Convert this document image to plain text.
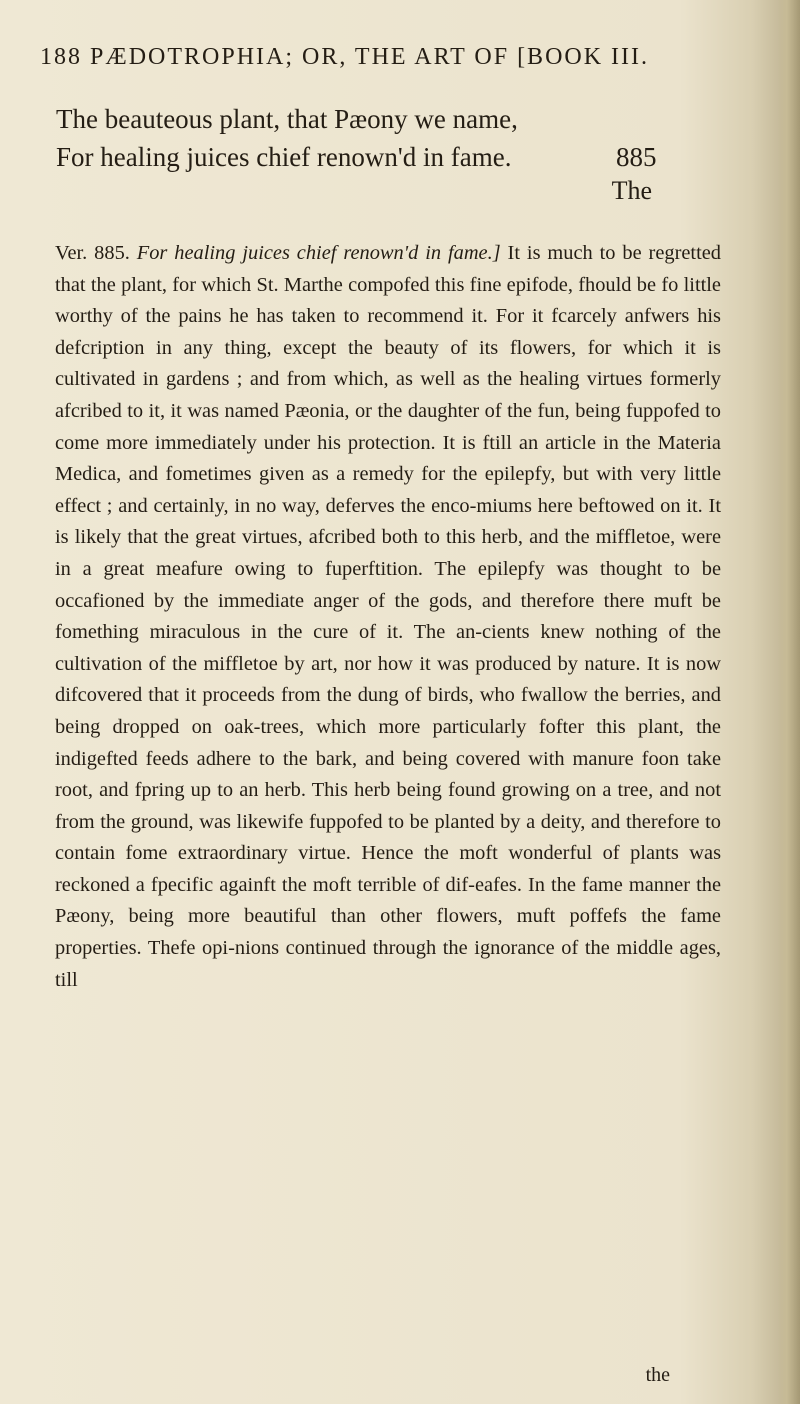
188 PÆDOTROPHIA; OR, THE ART OF [BOOK III.
The beauteous plant, that Pæony we name,
For healing juices chief renown'd in fame.	885
The
Ver. 885. For healing juices chief renown'd in fame.] It is much to be regretted that the plant, for which St. Marthe compofed this fine epifode, fhould be fo little worthy of the pains he has taken to recommend it. For it fcarcely anfwers his defcription in any thing, except the beauty of its flowers, for which it is cultivated in gardens ; and from which, as well as the healing virtues formerly afcribed to it, it was named Pæonia, or the daughter of the fun, being fuppofed to come more immediately under his protection. It is ftill an article in the Materia Medica, and fometimes given as a remedy for the epilepfy, but with very little effect ; and certainly, in no way, deferves the enco-miums here beftowed on it. It is likely that the great virtues, afcribed both to this herb, and the miffletoe, were in a great meafure owing to fuperftition. The epilepfy was thought to be occafioned by the immediate anger of the gods, and therefore there muft be fomething miraculous in the cure of it. The an-cients knew nothing of the cultivation of the miffletoe by art, nor how it was produced by nature. It is now difcovered that it proceeds from the dung of birds, who fwallow the berries, and being dropped on oak-trees, which more particularly fofter this plant, the indigefted feeds adhere to the bark, and being covered with manure foon take root, and fpring up to an herb. This herb being found growing on a tree, and not from the ground, was likewife fuppofed to be planted by a deity, and therefore to contain fome extraordinary virtue. Hence the moft wonderful of plants was reckoned a fpecific againft the moft terrible of dif-eafes. In the fame manner the Pæony, being more beautiful than other flowers, muft poffefs the fame properties. Thefe opi-nions continued through the ignorance of the middle ages, till
the
